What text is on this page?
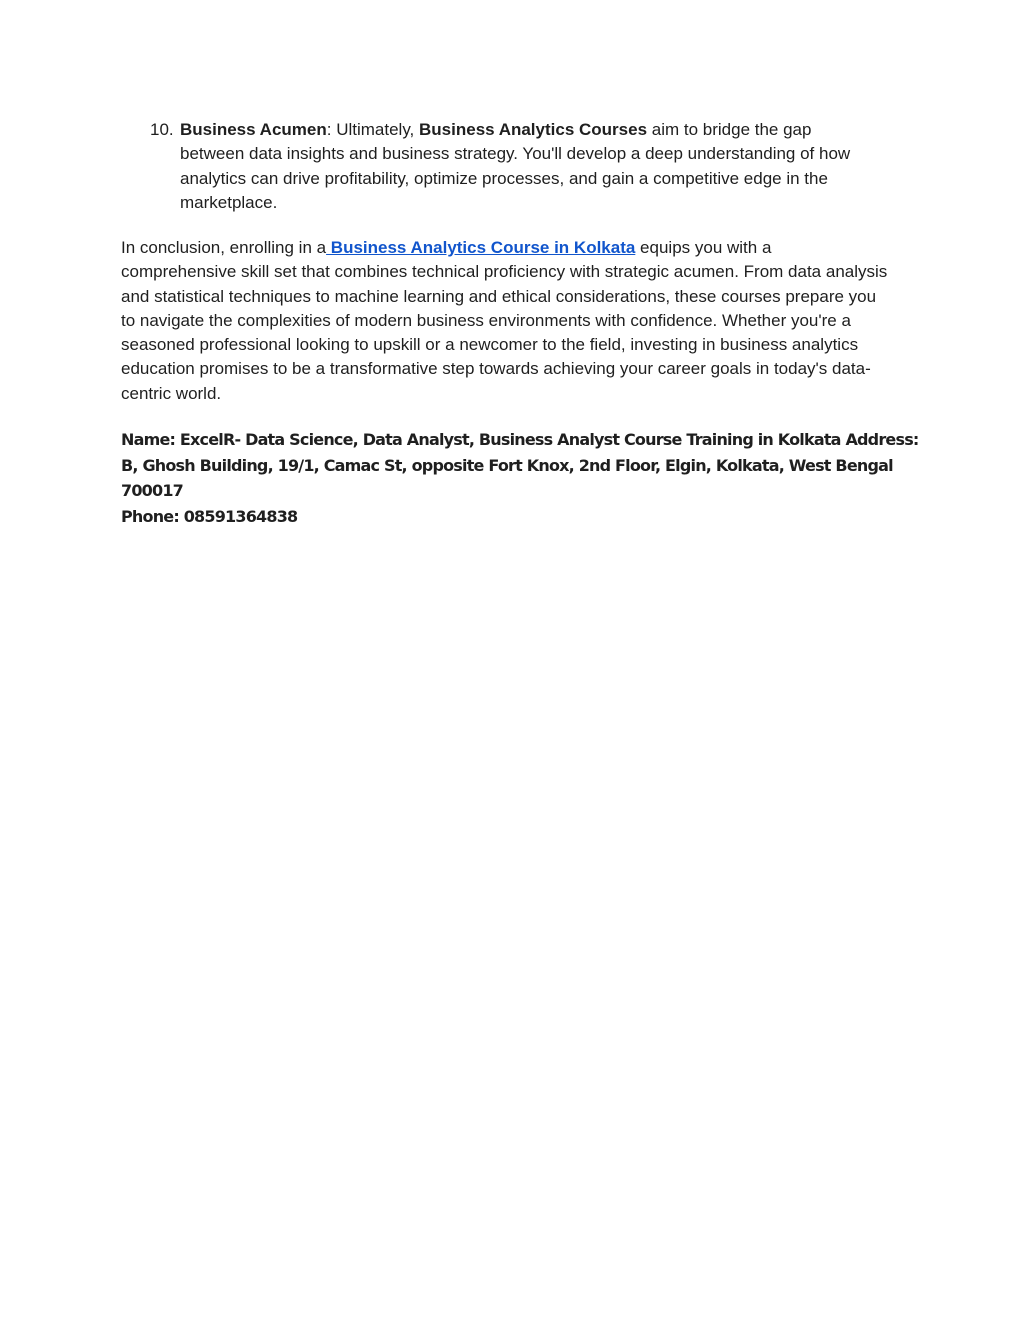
10. Business Acumen: Ultimately, Business Analytics Courses aim to bridge the gap
between data insights and business strategy. You'll develop a deep understanding of how analytics can drive profitability, optimize processes, and gain a competitive edge in the marketplace.

In conclusion, enrolling in a Business Analytics Course in Kolkata equips you with a comprehensive skill set that combines technical proficiency with strategic acumen. From data analysis and statistical techniques to machine learning and ethical considerations, these courses prepare you to navigate the complexities of modern business environments with confidence. Whether you're a seasoned professional looking to upskill or a newcomer to the field, investing in business analytics education promises to be a transformative step towards achieving your career goals in today's data-centric world.

Name: ExcelR- Data Science, Data Analyst, Business Analyst Course Training in Kolkata Address:
B, Ghosh Building, 19/1, Camac St, opposite Fort Knox, 2nd Floor, Elgin, Kolkata, West Bengal
700017
Phone: 08591364838
